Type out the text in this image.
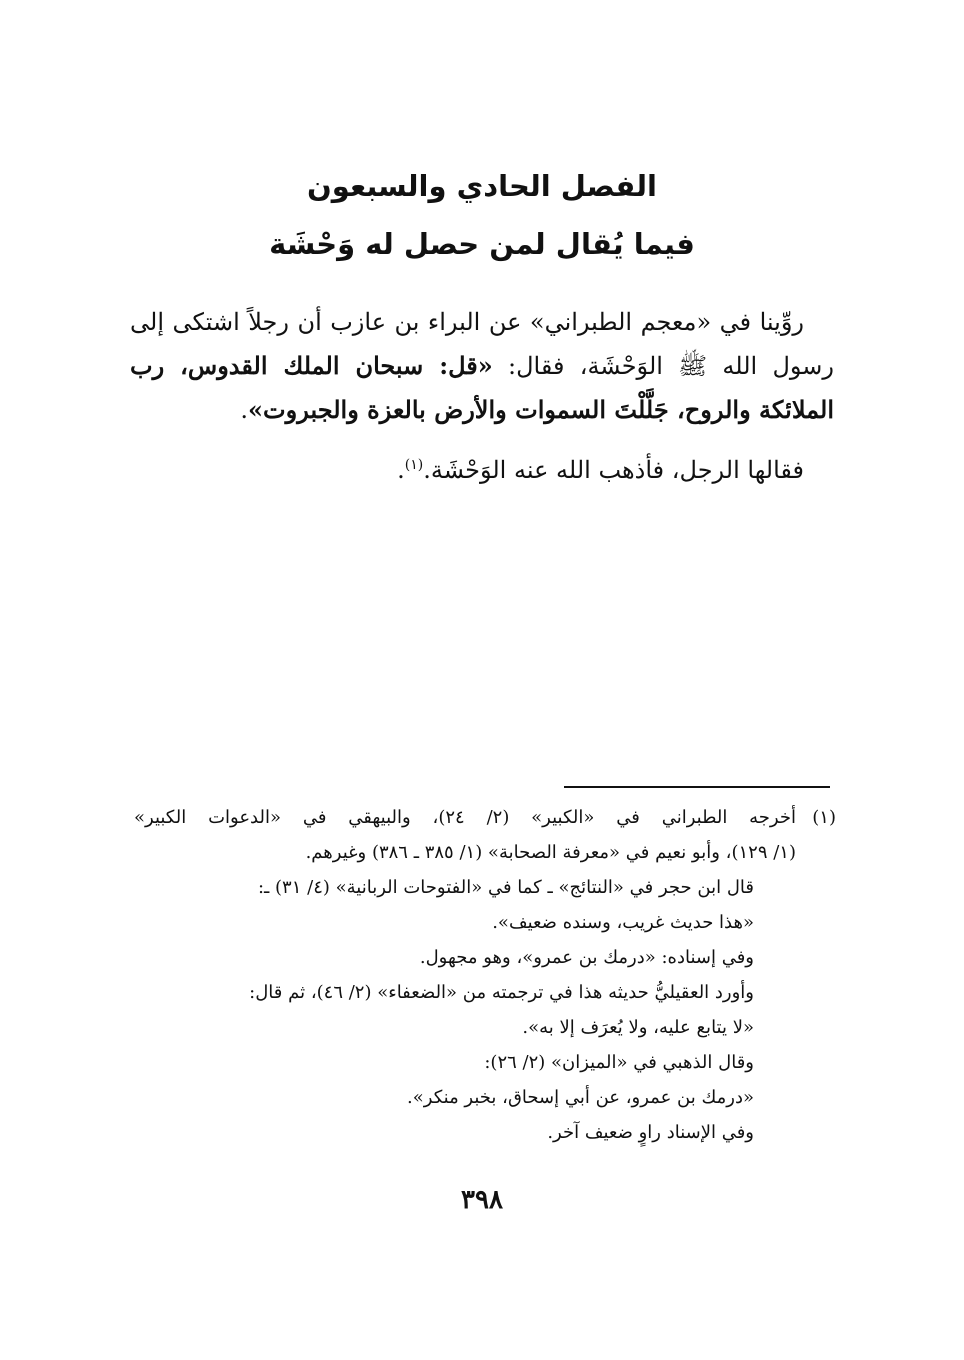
الفصل الحادي والسبعون
فيما يُقال لمن حصل له وَحْشَة

روِّينا في «معجم الطبراني» عن البراء بن عازب أن رجلاً اشتكى إلى رسول الله ﷺ الوَحْشَة، فقال: «قل: سبحان الملك القدوس، رب الملائكة والروح، جَلَّلْتَ السموات والأرض بالعزة والجبروت».

فقالها الرجل، فأذهب الله عنه الوَحْشَة.$^{(١)}$.

(١)أخرجه الطبراني في «الكبير» (٢/ ٢٤)، والبيهقي في «الدعوات الكبير»

(١/ ١٢٩)، وأبو نعيم في «معرفة الصحابة» (١/ ٣٨٥ ـ ٣٨٦) وغيرهم.

قال ابن حجر في «النتائج» ـ كما في «الفتوحات الربانية» (٤/ ٣١) ـ:

«هذا حديث غريب، وسنده ضعيف».

وفي إسناده: «درمك بن عمرو»، وهو مجهول.

وأورد العقيليُّ حديثه هذا في ترجمته من «الضعفاء» (٢/ ٤٦)، ثم قال:

«لا يتابع عليه، ولا يُعرَف إلا به».

وقال الذهبي في «الميزان» (٢/ ٢٦):

«درمك بن عمرو، عن أبي إسحاق، بخبر منكر».

وفي الإسناد راوٍ ضعيف آخر.

٣٩٨
